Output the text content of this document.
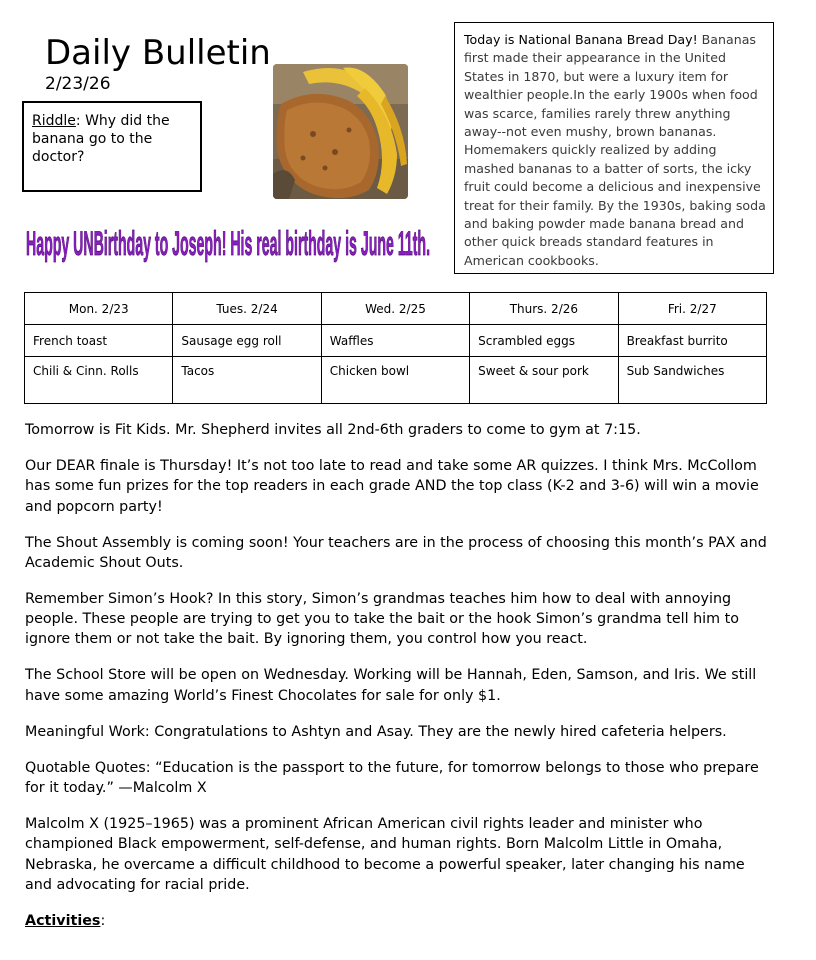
Daily Bulletin
2/23/26
Riddle: Why did the banana go to the doctor?
Happy UNBirthday to Joseph! His real birthday is June 11th.
Today is National Banana Bread Day! Bananas first made their appearance in the United States in 1870, but were a luxury item for wealthier people.In the early 1900s when food was scarce, families rarely threw anything away--not even mushy, brown bananas. Homemakers quickly realized by adding mashed bananas to a batter of sorts, the icky fruit could become a delicious and inexpensive treat for their family. By the 1930s, baking soda and baking powder made banana bread and other quick breads standard features in American cookbooks.
Mon. 2/23	Tues. 2/24	Wed. 2/25	Thurs. 2/26	Fri. 2/27
French toast	Sausage egg roll	Waffles	Scrambled eggs	Breakfast burrito
Chili & Cinn. Rolls	Tacos	Chicken bowl	Sweet & sour pork	Sub Sandwiches

Tomorrow is Fit Kids. Mr. Shepherd invites all 2nd-6th graders to come to gym at 7:15.

Our DEAR finale is Thursday! It’s not too late to read and take some AR quizzes. I think Mrs. McCollom has some fun prizes for the top readers in each grade AND the top class (K-2 and 3-6) will win a movie and popcorn party!

The Shout Assembly is coming soon! Your teachers are in the process of choosing this month’s PAX and Academic Shout Outs.

Remember Simon’s Hook? In this story, Simon’s grandmas teaches him how to deal with annoying people. These people are trying to get you to take the bait or the hook Simon’s grandma tell him to ignore them or not take the bait. By ignoring them, you control how you react.

The School Store will be open on Wednesday. Working will be Hannah, Eden, Samson, and Iris. We still have some amazing World’s Finest Chocolates for sale for only $1.

Meaningful Work: Congratulations to Ashtyn and Asay. They are the newly hired cafeteria helpers.

Quotable Quotes: “Education is the passport to the future, for tomorrow belongs to those who prepare for it today.” —Malcolm X

Malcolm X (1925–1965) was a prominent African American civil rights leader and minister who championed Black empowerment, self-defense, and human rights. Born Malcolm Little in Omaha, Nebraska, he overcame a difficult childhood to become a powerful speaker, later changing his name and advocating for racial pride.

Activities:
